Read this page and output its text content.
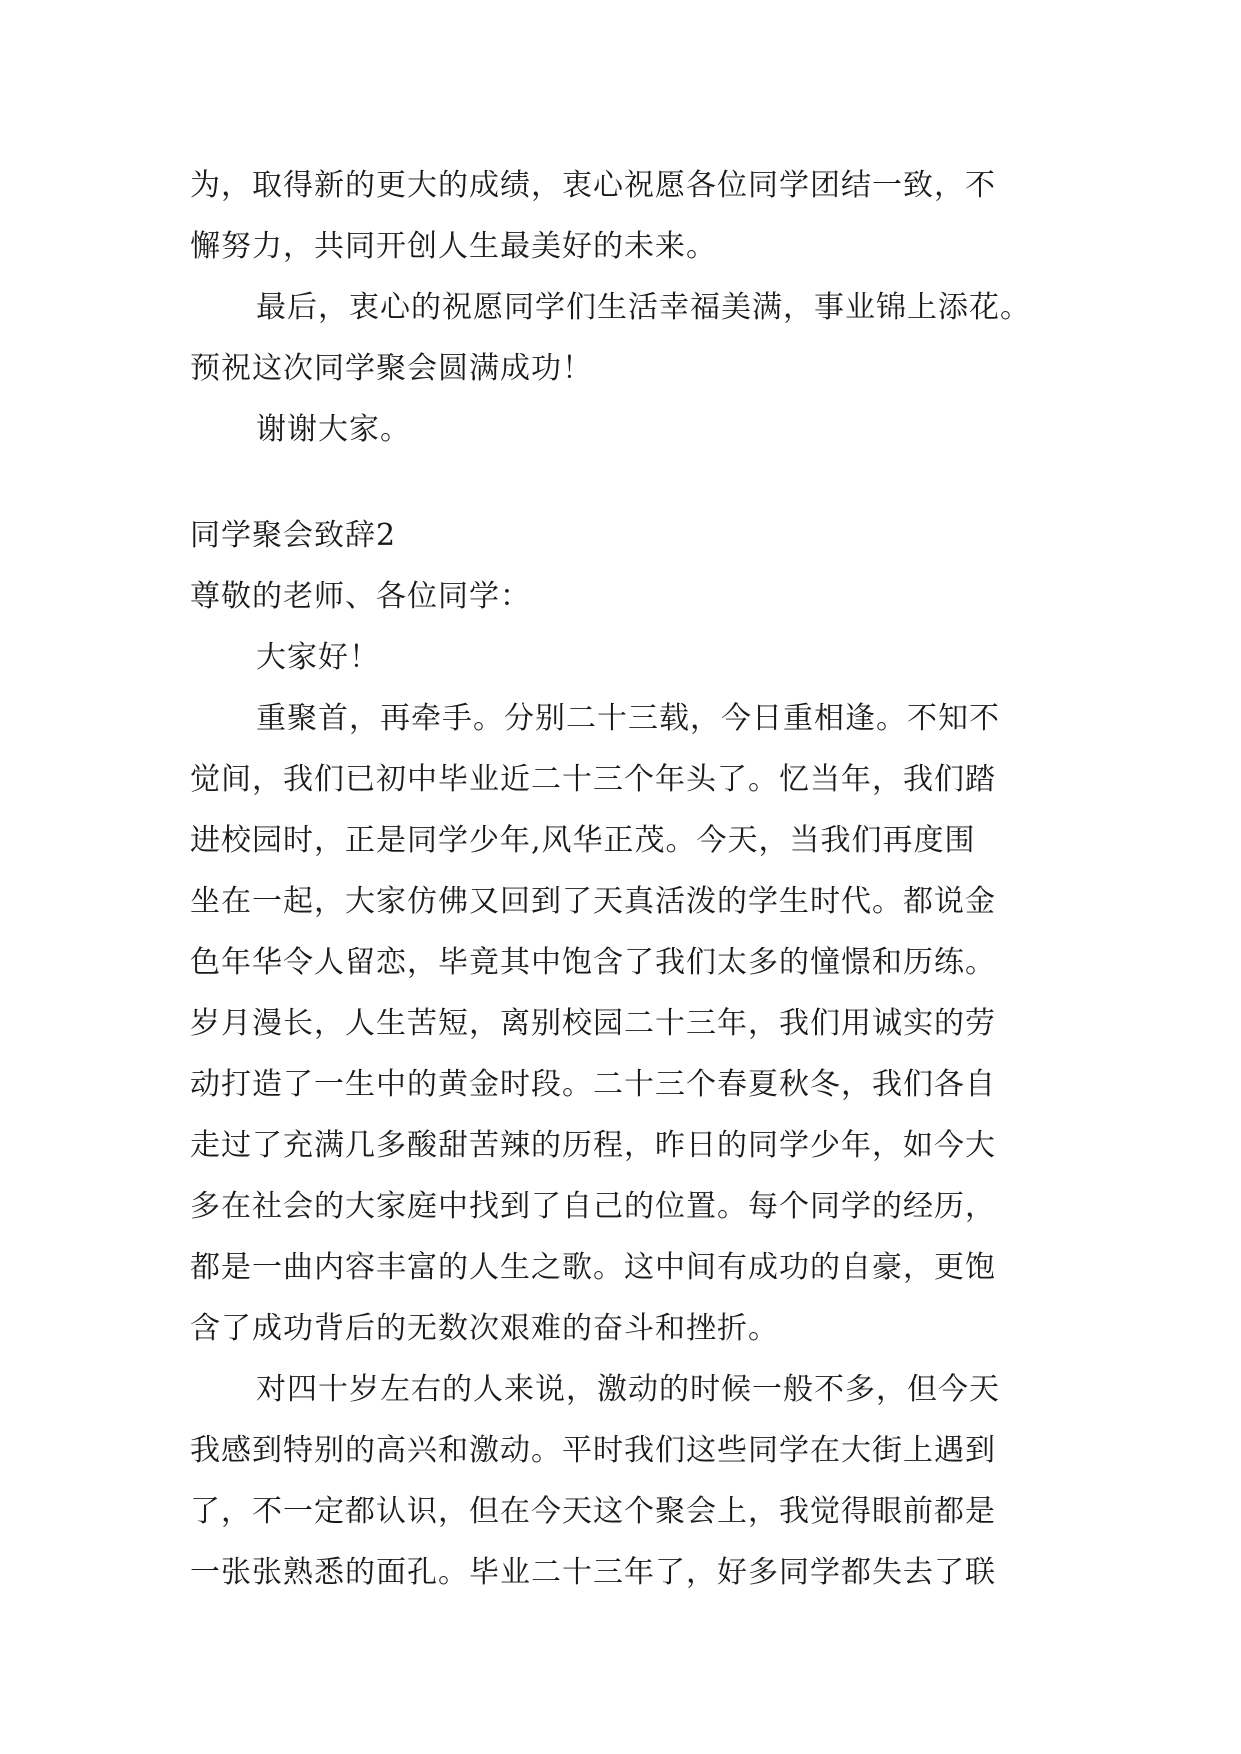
为，取得新的更大的成绩，衷心祝愿各位同学团结一致，不
懈努力，共同开创人生最美好的未来。
最后，衷心的祝愿同学们生活幸福美满，事业锦上添花。
预祝这次同学聚会圆满成功！
谢谢大家。
同学聚会致辞2
尊敬的老师、各位同学：
大家好！
重聚首，再牵手。分别二十三载，今日重相逢。不知不
觉间，我们已初中毕业近二十三个年头了。忆当年，我们踏
进校园时，正是同学少年,风华正茂。今天，当我们再度围
坐在一起，大家仿佛又回到了天真活泼的学生时代。都说金
色年华令人留恋，毕竟其中饱含了我们太多的憧憬和历练。
岁月漫长，人生苦短，离别校园二十三年，我们用诚实的劳
动打造了一生中的黄金时段。二十三个春夏秋冬，我们各自
走过了充满几多酸甜苦辣的历程，昨日的同学少年，如今大
多在社会的大家庭中找到了自己的位置。每个同学的经历，
都是一曲内容丰富的人生之歌。这中间有成功的自豪，更饱
含了成功背后的无数次艰难的奋斗和挫折。
对四十岁左右的人来说，激动的时候一般不多，但今天
我感到特别的高兴和激动。平时我们这些同学在大街上遇到
了，不一定都认识，但在今天这个聚会上，我觉得眼前都是
一张张熟悉的面孔。毕业二十三年了，好多同学都失去了联
